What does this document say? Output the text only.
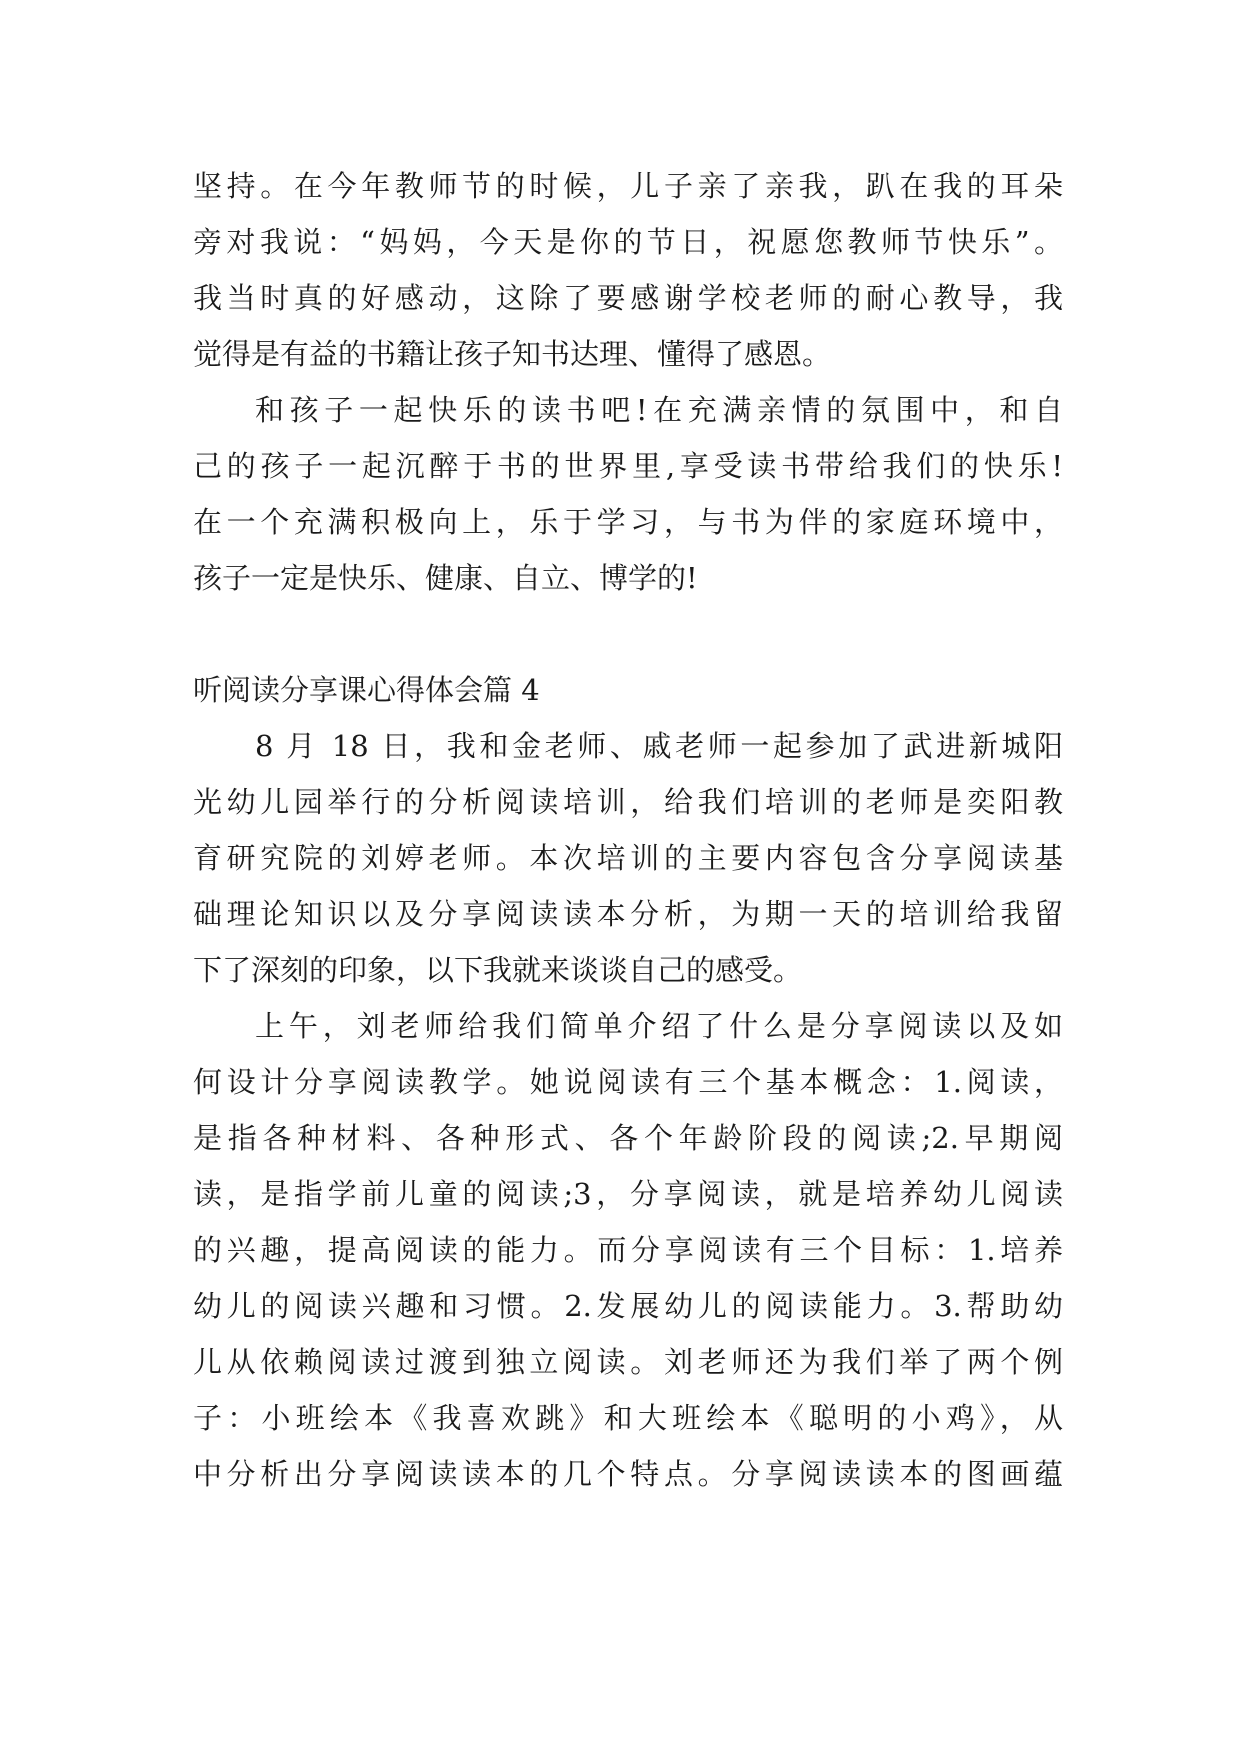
坚持。在今年教师节的时候，儿子亲了亲我，趴在我的耳朵
旁对我说：“妈妈，今天是你的节日，祝愿您教师节快乐”。
我当时真的好感动，这除了要感谢学校老师的耐心教导，我
觉得是有益的书籍让孩子知书达理、懂得了感恩。
和孩子一起快乐的读书吧!在充满亲情的氛围中，和自
己的孩子一起沉醉于书的世界里,享受读书带给我们的快乐!
在一个充满积极向上，乐于学习，与书为伴的家庭环境中，
孩子一定是快乐、健康、自立、博学的!
听阅读分享课心得体会篇 4
8 月 18 日，我和金老师、戚老师一起参加了武进新城阳
光幼儿园举行的分析阅读培训，给我们培训的老师是奕阳教
育研究院的刘婷老师。本次培训的主要内容包含分享阅读基
础理论知识以及分享阅读读本分析，为期一天的培训给我留
下了深刻的印象，以下我就来谈谈自己的感受。
上午，刘老师给我们简单介绍了什么是分享阅读以及如
何设计分享阅读教学。她说阅读有三个基本概念：1.阅读，
是指各种材料、各种形式、各个年龄阶段的阅读;2.早期阅
读，是指学前儿童的阅读;3，分享阅读，就是培养幼儿阅读
的兴趣，提高阅读的能力。而分享阅读有三个目标：1.培养
幼儿的阅读兴趣和习惯。2.发展幼儿的阅读能力。3.帮助幼
儿从依赖阅读过渡到独立阅读。刘老师还为我们举了两个例
子：小班绘本《我喜欢跳》和大班绘本《聪明的小鸡》，从
中分析出分享阅读读本的几个特点。分享阅读读本的图画蕴
